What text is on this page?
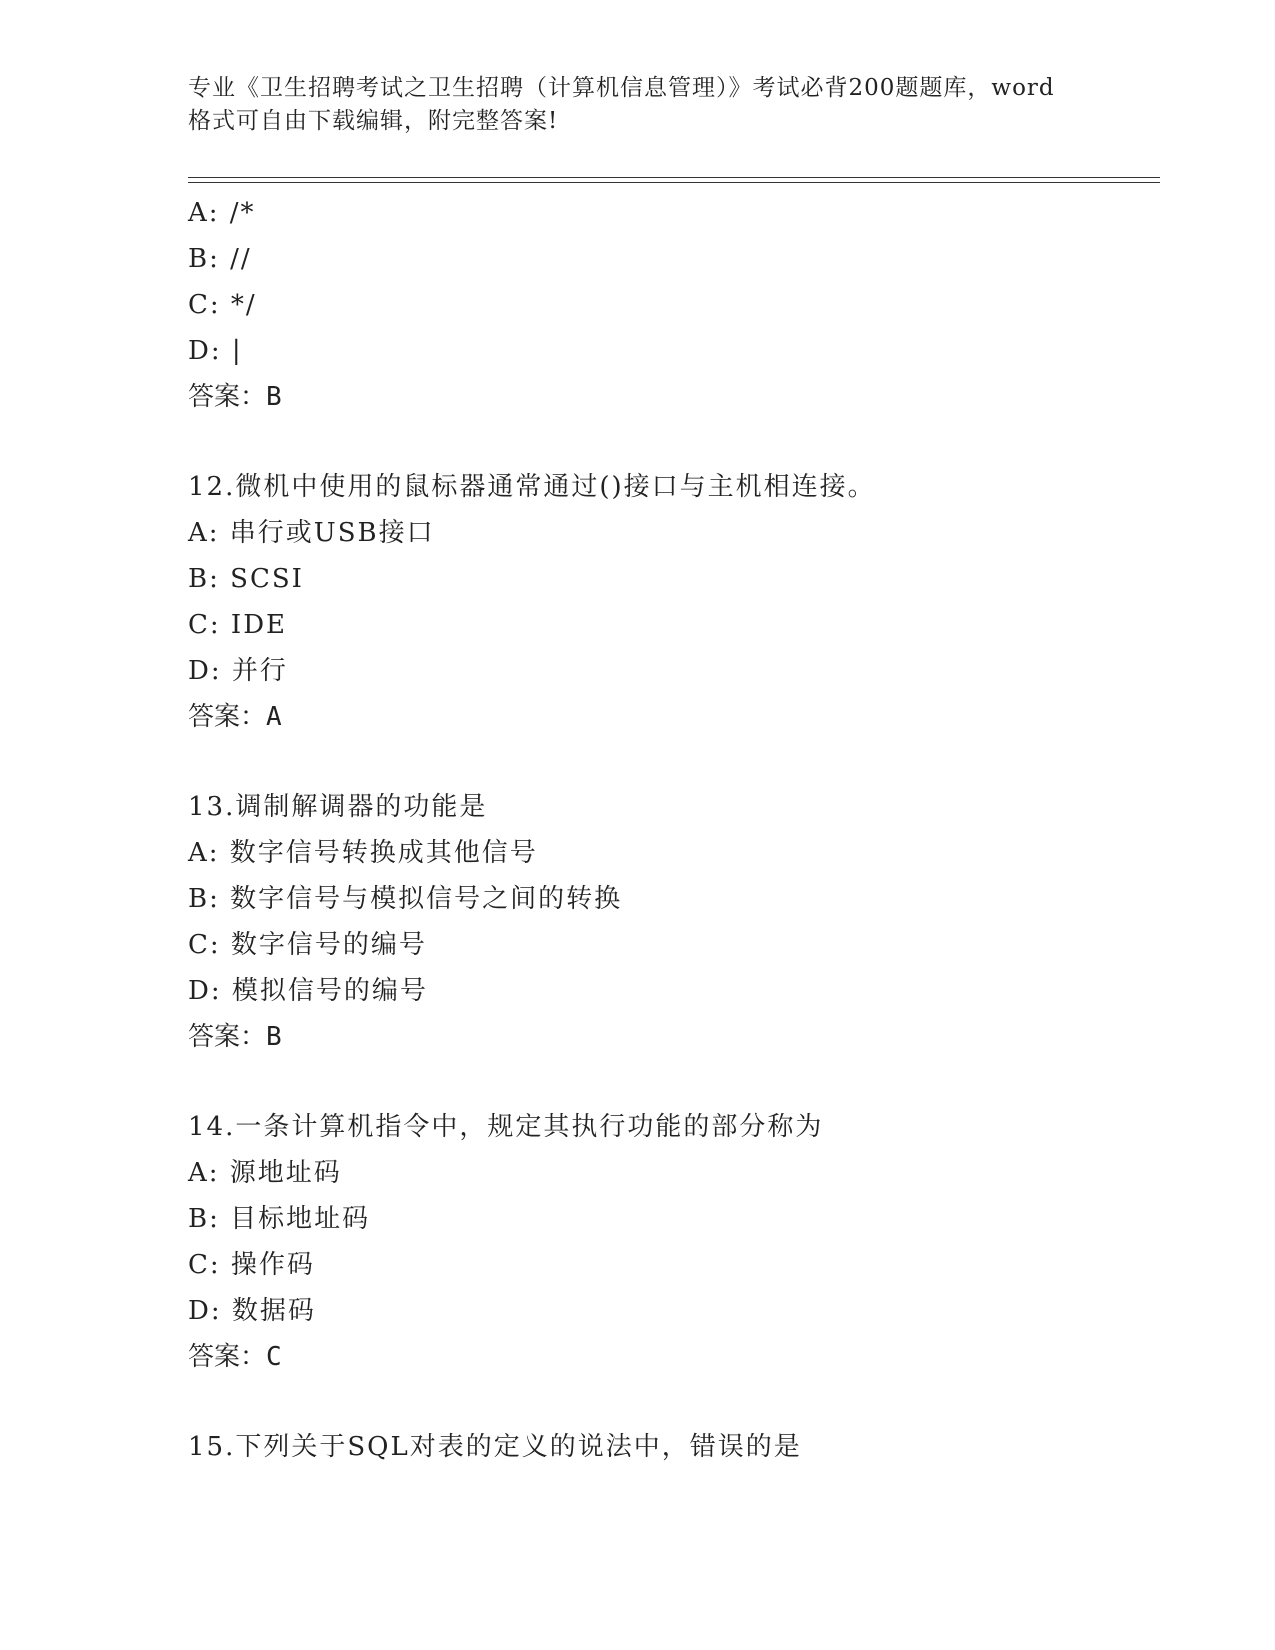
专业《卫生招聘考试之卫生招聘（计算机信息管理）》考试必背200题题库，word
格式可自由下载编辑，附完整答案!
A: /*
B: //
C: */
D: |
答案：B
12.微机中使用的鼠标器通常通过()接口与主机相连接。
A: 串行或USB接口
B: SCSI
C: IDE
D: 并行
答案：A
13.调制解调器的功能是
A: 数字信号转换成其他信号
B: 数字信号与模拟信号之间的转换
C: 数字信号的编号
D: 模拟信号的编号
答案：B
14.一条计算机指令中，规定其执行功能的部分称为
A: 源地址码
B: 目标地址码
C: 操作码
D: 数据码
答案：C
15.下列关于SQL对表的定义的说法中，错误的是
